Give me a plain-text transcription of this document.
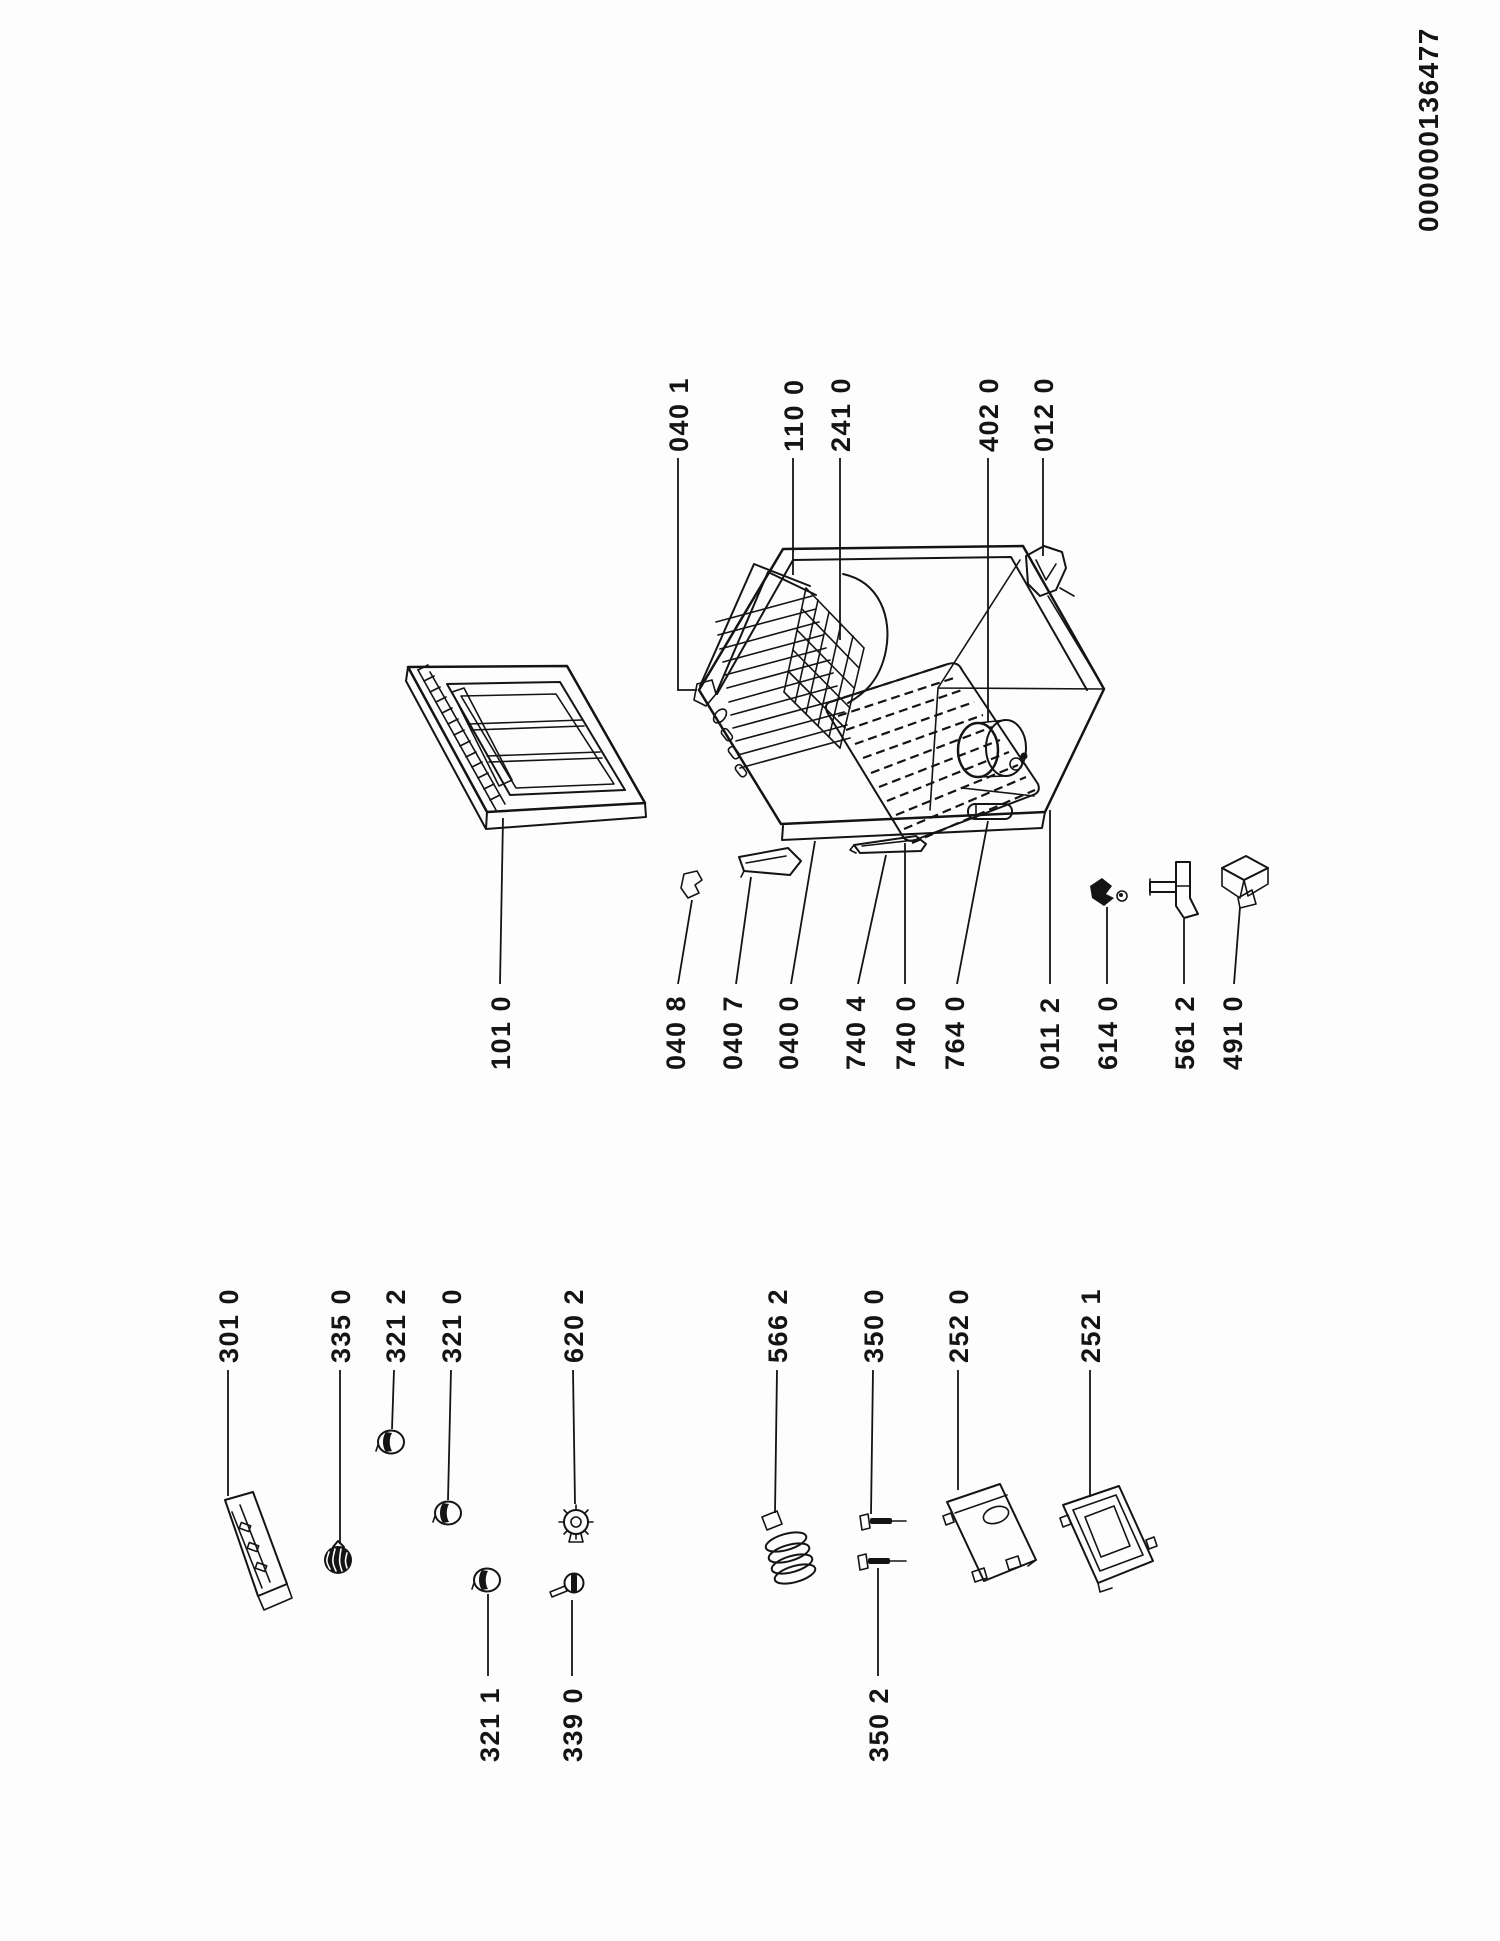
040 1	110 0 241 0	402 0 012 0
101 0	040 8 040 7 040 0 740 4 740 0 764 0 011 2 614 0 561 2 491 0
301 0	335 0 321 2 321 0	620 2	566 2 350 0 252 0	252 1
321 1 339 0	350 2
000000136477
